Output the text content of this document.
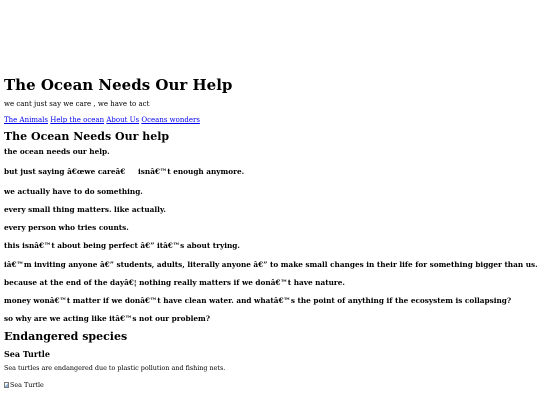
The Ocean Needs Our Help

we cant just say we care , we have to act

The Animals Help the ocean About Us Oceans wonders
The Ocean Needs Our help

the ocean needs our help.

but just saying â€œwe careâ€     isnâ€™t enough anymore.

we actually have to do something.

every small thing matters. like actually.

every person who tries counts.

this isnâ€™t about being perfect â€” itâ€™s about trying.

iâ€™m inviting anyone â€” students, adults, literally anyone â€” to make small changes in their life for something bigger than us.

because at the end of the dayâ€¦ nothing really matters if we donâ€™t have nature.

money wonâ€™t matter if we donâ€™t have clean water. and whatâ€™s the point of anything if the ecosystem is collapsing?

so why are we acting like itâ€™s not our problem?

Endangered species
Sea Turtle

Sea turtles are endangered due to plastic pollution and fishing nets.

Sea Turtle
